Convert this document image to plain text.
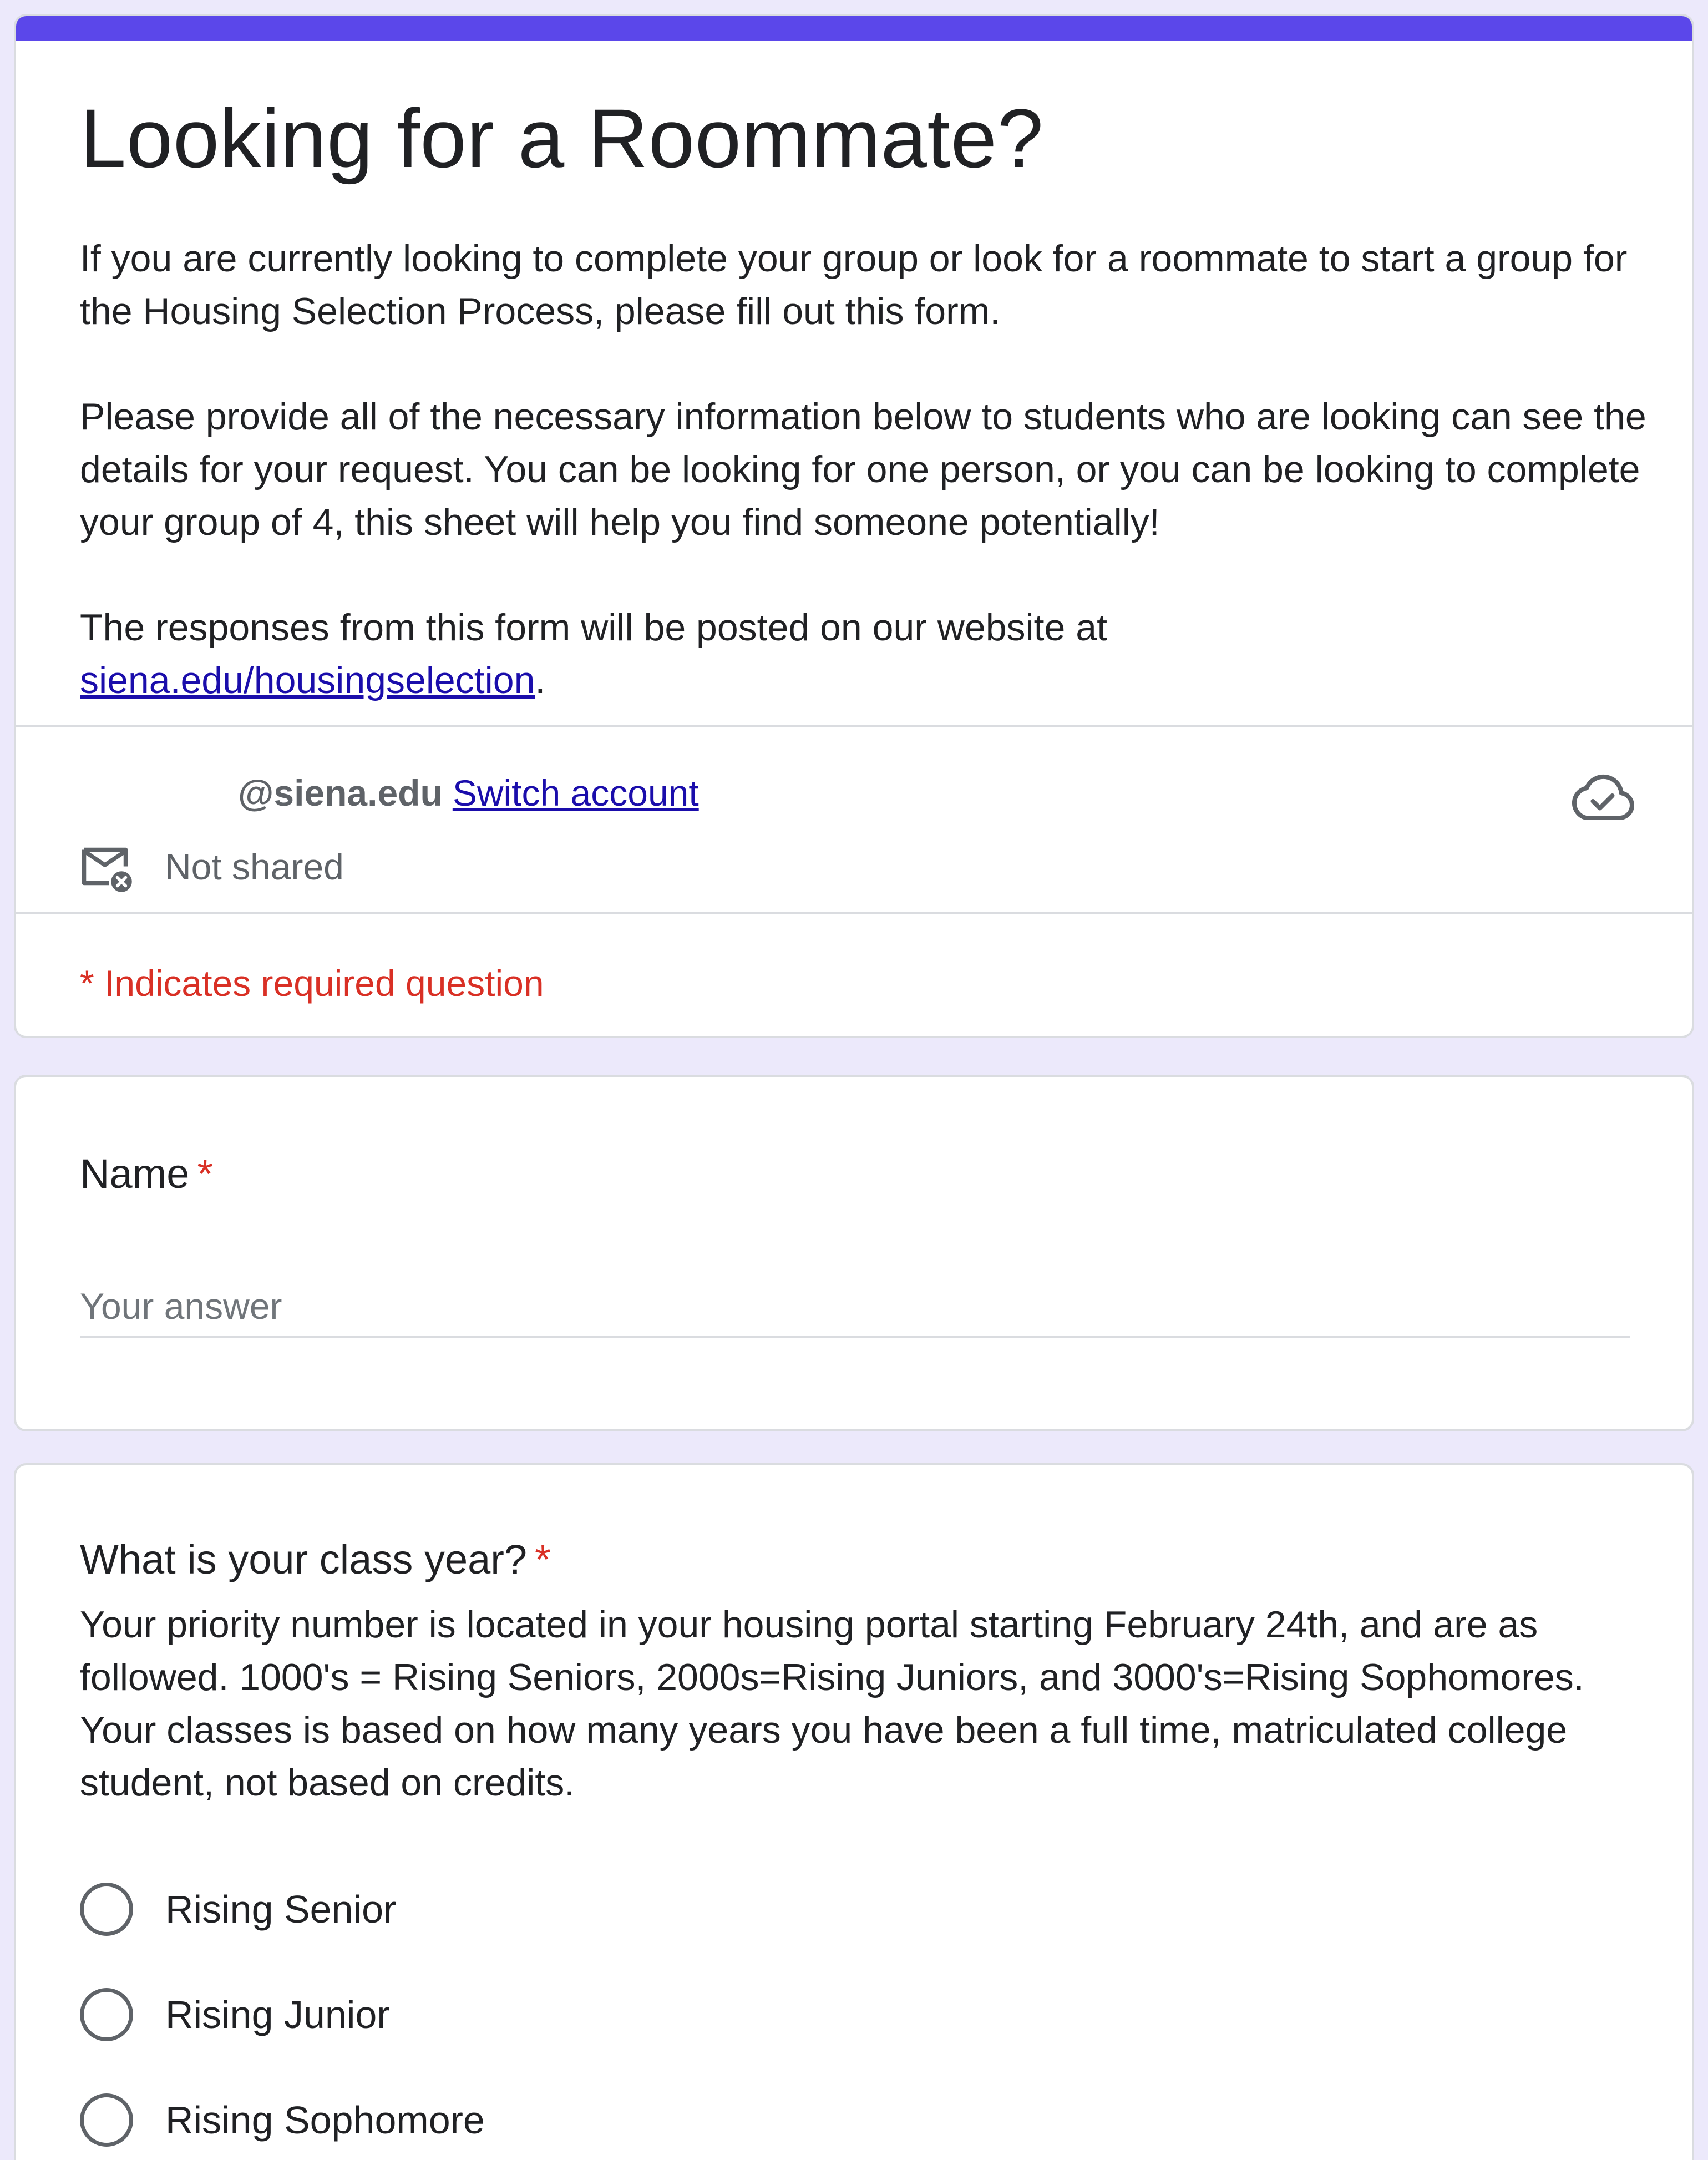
Looking for a Roommate?

If you are currently looking to complete your group or look for a roommate to start a group for the Housing Selection Process, please fill out this form.

Please provide all of the necessary information below to students who are looking can see the details for your request. You can be looking for one person, or you can be looking to complete your group of 4, this sheet will help you find someone potentially!

The responses from this form will be posted on our website at
siena.edu/housingselection.

@siena.edu Switch account
Not shared

* Indicates required question

Name *
Your answer
What is your class year? *

Your priority number is located in your housing portal starting February 24th, and are as followed. 1000's = Rising Seniors, 2000s=Rising Juniors, and 3000's=Rising Sophomores. Your classes is based on how many years you have been a full time, matriculated college student, not based on credits.

Rising Senior
Rising Junior
Rising Sophomore
